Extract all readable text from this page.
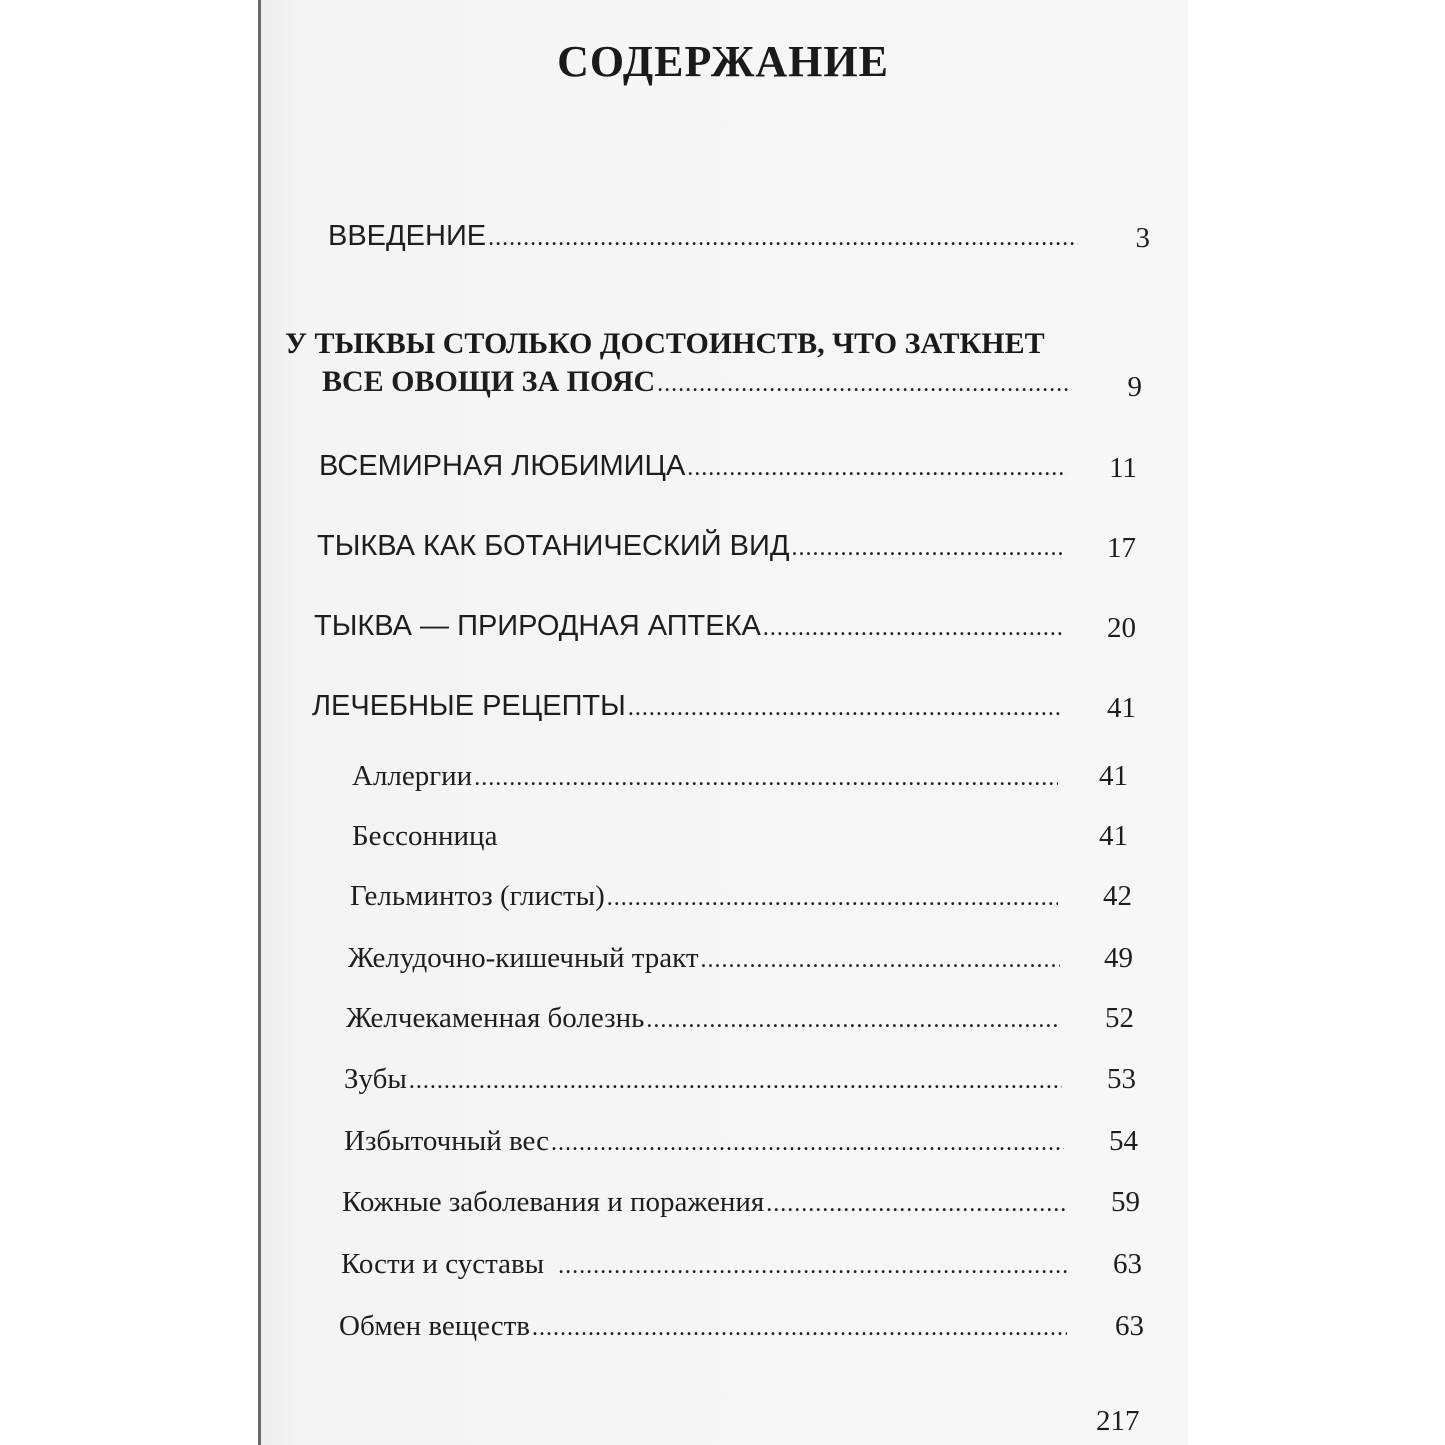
СОДЕРЖАНИЕ
ВВЕДЕНИЕ .....	3
У ТЫКВЫ СТОЛЬКО ДОСТОИНСТВ, ЧТО ЗАТКНЕТ
ВСЕ ОВОЩИ ЗА ПОЯС .....	9
ВСЕМИРНАЯ ЛЮБИМИЦА .....	11
ТЫКВА КАК БОТАНИЧЕСКИЙ ВИД .....	17
ТЫКВА — ПРИРОДНАЯ АПТЕКА .....	20
ЛЕЧЕБНЫЕ РЕЦЕПТЫ .....	41
Аллергии .....	41
Бессонница	41
Гельминтоз (глисты) .....	42
Желудочно-кишечный тракт .....	49
Желчекаменная болезнь .....	52
Зубы .....	53
Избыточный вес .....	54
Кожные заболевания и поражения .....	59
Кости и суставы .....	63
Обмен веществ .....	63
217
